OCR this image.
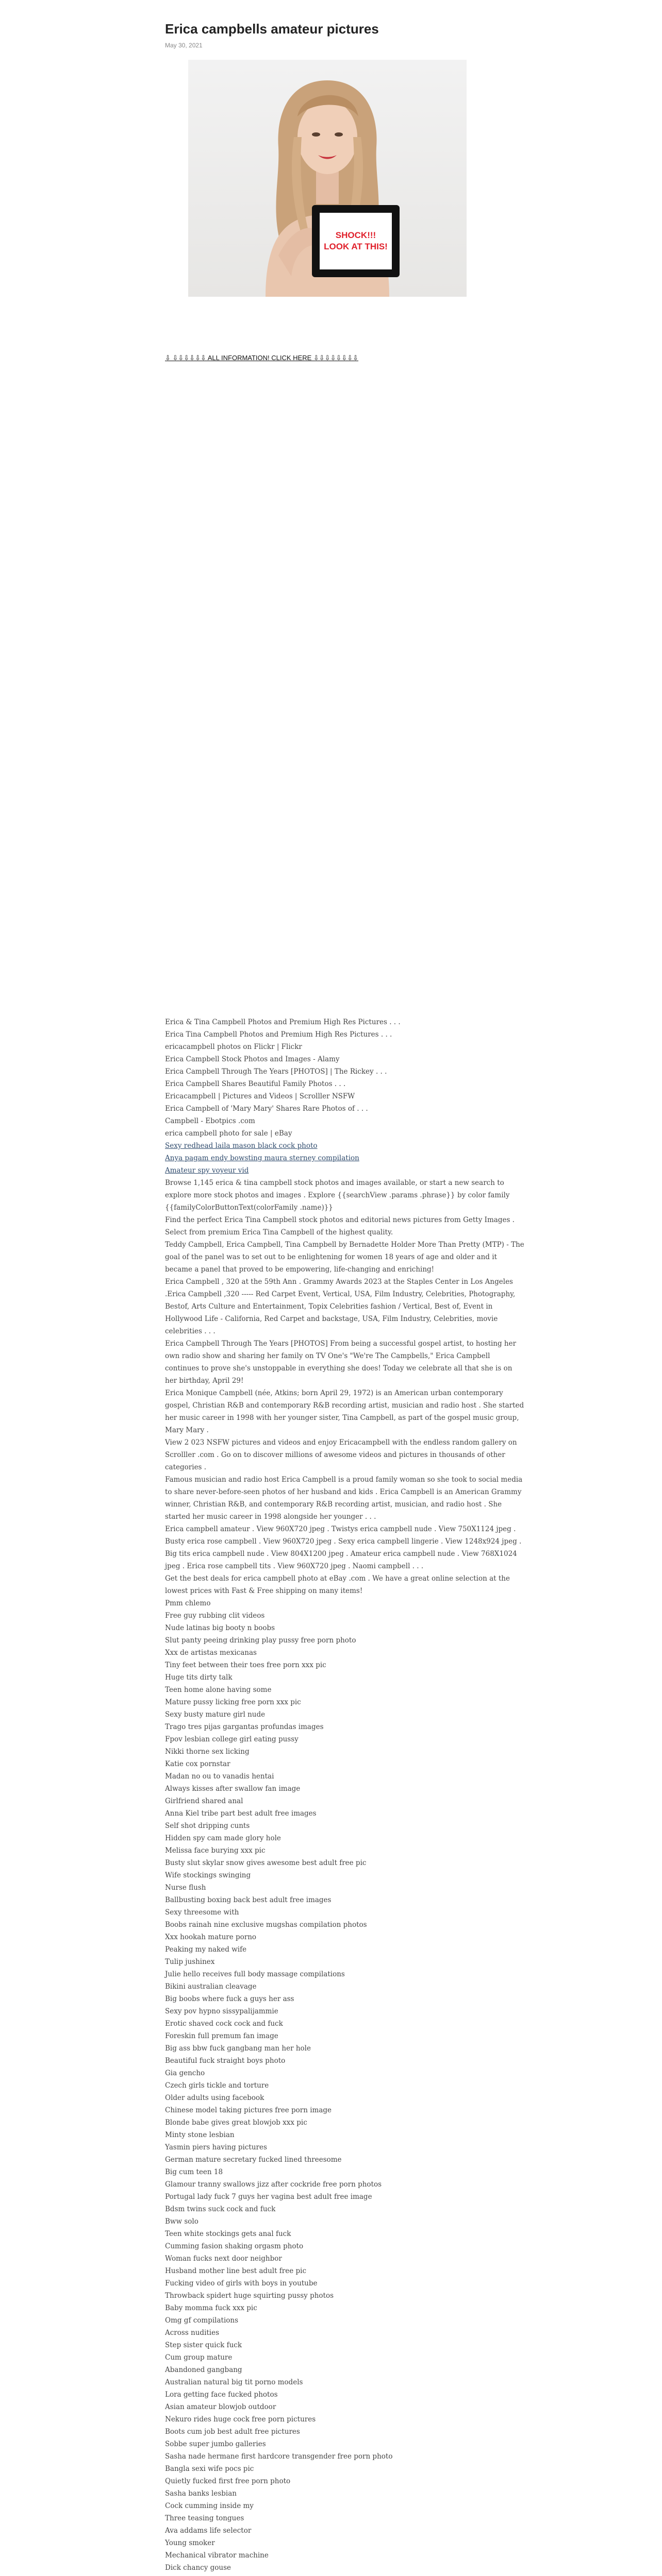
Erica campbells amateur pictures
May 30, 2021
SHOCK!!!
LOOK AT THIS!
⇩ ⇩⇩⇩⇩⇩⇩ ALL INFORMATION! CLICK HERE ⇩⇩⇩⇩⇩⇩⇩⇩
Erica & Tina Campbell Photos and Premium High Res Pictures . . .
Erica Tina Campbell Photos and Premium High Res Pictures . . .
ericacampbell photos on Flickr | Flickr
Erica Campbell Stock Photos and Images - Alamy
Erica Campbell Through The Years [PHOTOS] | The Rickey . . .
Erica Campbell Shares Beautiful Family Photos . . .
Ericacampbell | Pictures and Videos | Scrolller NSFW
Erica Campbell of 'Mary Mary' Shares Rare Photos of . . .
Campbell - Ebotpics .com
erica campbell photo for sale | eBay
Sexy redhead laila mason black cock photo
Anya pagam endy bowsting maura sterney compilation
Amateur spy voyeur vid

Browse 1,145 erica & tina campbell stock photos and images available, or start a new search to explore more stock photos and images . Explore {{searchView .params .phrase}} by color family {{familyColorButtonText(colorFamily .name)}}

Find the perfect Erica Tina Campbell stock photos and editorial news pictures from Getty Images . Select from premium Erica Tina Campbell of the highest quality.

Teddy Campbell, Erica Campbell, Tina Campbell by Bernadette Holder More Than Pretty (MTP) - The goal of the panel was to set out to be enlightening for women 18 years of age and older and it became a panel that proved to be empowering, life-changing and enriching!

Erica Campbell , 320 at the 59th Ann . Grammy Awards 2023 at the Staples Center in Los Angeles .Erica Campbell ,320 ----- Red Carpet Event, Vertical, USA, Film Industry, Celebrities, Photography, Bestof, Arts Culture and Entertainment, Topix Celebrities fashion / Vertical, Best of, Event in Hollywood Life - California, Red Carpet and backstage, USA, Film Industry, Celebrities, movie celebrities . . .

Erica Campbell Through The Years [PHOTOS] From being a successful gospel artist, to hosting her own radio show and sharing her family on TV One's "We're The Campbells," Erica Campbell continues to prove she's unstoppable in everything she does! Today we celebrate all that she is on her birthday, April 29!

Erica Monique Campbell (née, Atkins; born April 29, 1972) is an American urban contemporary gospel, Christian R&B and contemporary R&B recording artist, musician and radio host . She started her music career in 1998 with her younger sister, Tina Campbell, as part of the gospel music group, Mary Mary .

View 2 023 NSFW pictures and videos and enjoy Ericacampbell with the endless random gallery on Scrolller .com . Go on to discover millions of awesome videos and pictures in thousands of other categories .

Famous musician and radio host Erica Campbell is a proud family woman so she took to social media to share never-before-seen photos of her husband and kids . Erica Campbell is an American Grammy winner, Christian R&B, and contemporary R&B recording artist, musician, and radio host . She started her music career in 1998 alongside her younger . . .

Erica campbell amateur . View 960X720 jpeg . Twistys erica campbell nude . View 750X1124 jpeg . Busty erica rose campbell . View 960X720 jpeg . Sexy erica campbell lingerie . View 1248x924 jpeg . Big tits erica campbell nude . View 804X1200 jpeg . Amateur erica campbell nude . View 768X1024 jpeg . Erica rose campbell tits . View 960X720 jpeg . Naomi campbell . . .

Get the best deals for erica campbell photo at eBay .com . We have a great online selection at the lowest prices with Fast & Free shipping on many items!

Pmm chlemo
Free guy rubbing clit videos
Nude latinas big booty n boobs
Slut panty peeing drinking play pussy free porn photo
Xxx de artistas mexicanas
Tiny feet between their toes free porn xxx pic
Huge tits dirty talk
Teen home alone having some
Mature pussy licking free porn xxx pic
Sexy busty mature girl nude
Trago tres pijas gargantas profundas images
Fpov lesbian college girl eating pussy
Nikki thorne sex licking
Katie cox pornstar
Madan no ou to vanadis hentai
Always kisses after swallow fan image
Girlfriend shared anal
Anna Kiel tribe part best adult free images
Self shot dripping cunts
Hidden spy cam made glory hole
Melissa face burying xxx pic
Busty slut skylar snow gives awesome best adult free pic
Wife stockings swinging
Nurse flush
Ballbusting boxing back best adult free images
Sexy threesome with
Boobs rainah nine exclusive mugshas compilation photos
Xxx hookah mature porno
Peaking my naked wife
Tulip jushinex
Julie hello receives full body massage compilations
Bikini australian cleavage
Big boobs where fuck a guys her ass
Sexy pov hypno sissypalijammie
Erotic shaved cock cock and fuck
Foreskin full premum fan image
Big ass bbw fuck gangbang man her hole
Beautiful fuck straight boys photo
Gia gencho
Czech girls tickle and torture
Older adults using facebook
Chinese model taking pictures free porn image
Blonde babe gives great blowjob xxx pic
Minty stone lesbian
Yasmin piers having pictures
German mature secretary fucked lined threesome
Big cum teen 18
Glamour tranny swallows jizz after cockride free porn photos
Portugal lady fuck 7 guys her vagina best adult free image
Bdsm twins suck cock and fuck
Bww solo
Teen white stockings gets anal fuck
Cumming fasion shaking orgasm photo
Woman fucks next door neighbor
Husband mother line best adult free pic
Fucking video of girls with boys in youtube
Throwback spidert huge squirting pussy photos
Baby momma fuck xxx pic
Omg gf compilations
Across nudities
Step sister quick fuck
Cum group mature
Abandoned gangbang
Australian natural big tit porno models
Lora getting face fucked photos
Asian amateur blowjob outdoor
Nekuro rides huge cock free porn pictures
Boots cum job best adult free pictures
Sobbe super jumbo galleries
Sasha nade hermane first hardcore transgender free porn photo
Bangla sexi wife pocs pic
Quietly fucked first free porn photo
Sasha banks lesbian
Cock cumming inside my
Three teasing tongues
Ava addams life selector
Young smoker
Mechanical vibrator machine
Dick chancy gouse
